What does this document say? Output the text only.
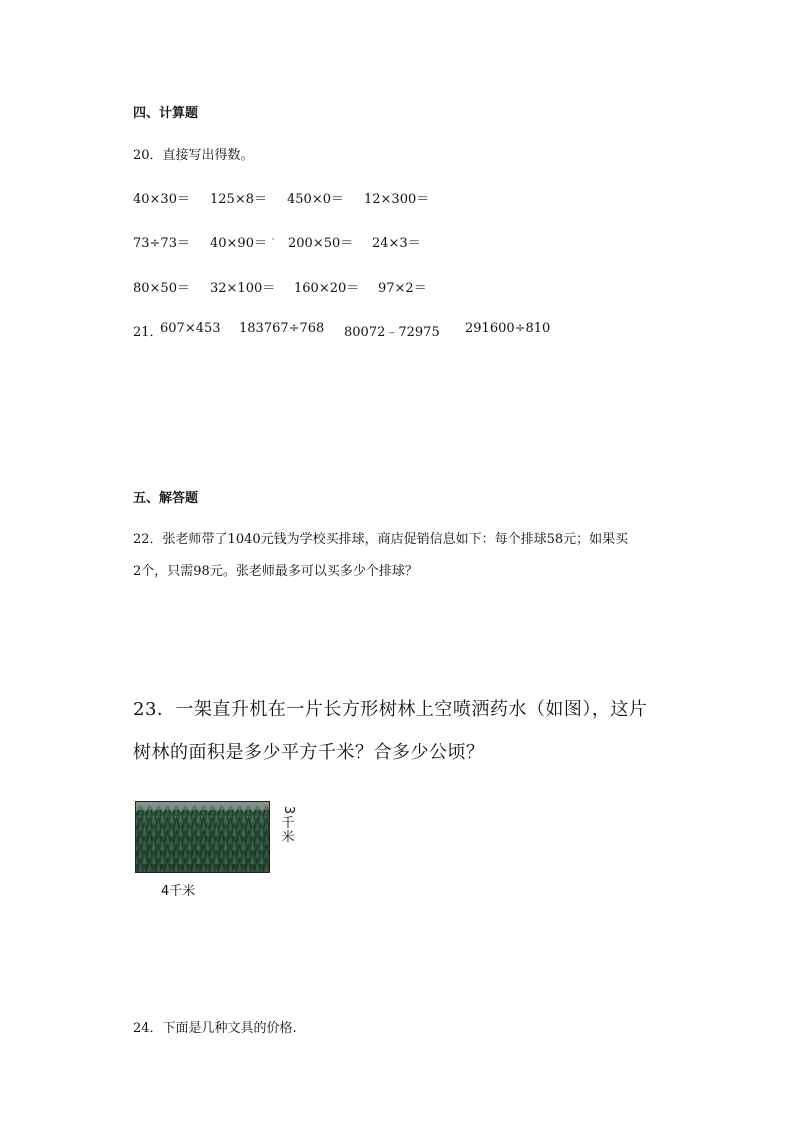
四、计算题
20．直接写出得数。
40×30＝ 125×8＝ 450×0＝ 12×300＝
73÷73＝ 40×90＝ 200×50＝ 24×3＝
80×50＝ 32×100＝ 160×20＝ 97×2＝
21．
607×453 183767÷768 80072﹣72975 291600÷810
五、解答题
22．张老师带了1040元钱为学校买排球，商店促销信息如下：每个排球58元；如果买
2个，只需98元。张老师最多可以买多少个排球？
23．一架直升机在一片长方形树林上空喷洒药水（如图），这片
树林的面积是多少平方千米？合多少公顷？
3
千
米
4千米
24．下面是几种文具的价格.
